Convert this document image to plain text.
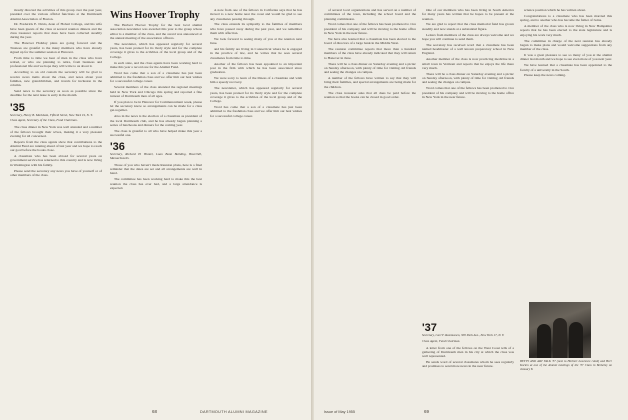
mostly directed the activities of this group over the past year, presided over the various official functions at the Dartmouth Alumni Association of Boston.

Dr. Frederick E. Davis, dean of Hobart College, and his wife have been guests of the class at several reunion dinners and the class treasurer reports that dues have been collected steadily during the year.

The Hanover Holiday plans are going forward and the Trustees are grateful to the many members who have already signed up for the summer session at Hanover.

From time to time we hear of men in the class who have retired, or who are planning to retire, from business and professional life and we hope they will write to us about it.

According to an old custom the secretary will be glad to receive news items about the class, and notes about your families, new grandchildren, and travels for inclusion in the column.

Send news to the secretary as soon as possible since the deadline for the next issue is early in the month.

'35
Secretary, Henry B. Markham, Fiftieth Street, New York 19, N. Y.
Class Agent, Secretary of the Class, Fund Chairman.

The class dinner in New York was well attended and a number of the fellows brought their wives, making it a very pleasant evening for all concerned.

Reports from the class agents show that contributions to the Alumni Fund are running ahead of last year and we hope to reach our goal before the books close.

A classmate who has been abroad for several years on government service has returned to this country and is now living in Washington with his family.

Please send the secretary any news you have of yourself or of other members of the class.

Wins Hoover Trophy

The Herbert Hoover Trophy for the best local alumni association newsletter was awarded this year to the group whose editor is a member of the class, and the award was announced at the annual meeting of the association officers.

The newsletter, which has appeared regularly for several years, has been praised for its lively style and for the complete coverage it gives to the activities of the local group and of the College.

in each state, and the class agents have been working hard to make this year a record one for the Alumni Fund.

Word has come that a son of a classmate has just been admitted to the freshman class and we offer him our best wishes for a successful college career.

Several members of the class attended the regional meetings held in New York and Chicago this spring and reported a fine turnout of Dartmouth men of all ages.

If you plan to be in Hanover for Commencement week, please let the secretary know so arrangements can be made for a class get-together.

Also in the news is the election of a classmate as president of the local Dartmouth club, and he has already begun planning a series of luncheons and dinners for the coming year.

The class is grateful to all who have helped make this year a successful one.

'36
Secretary, Richard H. Hunter, Loan Bank Building, Haverhill, Massachusetts.

Those of you who haven't made Reunion plans, here is a final reminder that the dates are set and all arrangements are well in hand.

The committee has been working hard to make this the best reunion the class has ever had, and a large attendance is expected.

A note from one of the fellows in California says that he has moved to a new home near the coast and would be glad to see any classmates passing through.

The class extends its sympathy to the families of members who have passed away during the past year, and we remember them with affection.

We look forward to seeing many of you at the reunion next June.

and his family are living in Connecticut where he is engaged in the practice of law, and he writes that he sees several classmates from time to time.

Another of the fellows has been appointed to an important post in the firm with which he has been associated since graduation.

We were sorry to learn of the illness of a classmate and wish him a speedy recovery.

The newsletter, which has appeared regularly for several years, has been praised for its lively style and for the complete coverage it gives to the activities of the local group and of the College.

Word has come that a son of a classmate has just been admitted to the freshman class and we offer him our best wishes for a successful college career.

68	DARTMOUTH ALUMNI MAGAZINE

of several local organizations and has served on a number of committees of the town, including the school board and the planning commission.

Word comes that one of the fellows has been promoted to vice president of his company and will be moving to the home office in New York in the near future.

We have also learned that a classmate has been elected to the board of directors of a large bank in the Middle West.

The reunion committee reports that more than a hundred members of the class have already indicated that they will return to Hanover in June.

There will be a class dinner on Saturday evening and a picnic on Sunday afternoon, with plenty of time for visiting old friends and seeing the changes on campus.

A number of the fellows have written to say that they will bring their families, and special arrangements are being made for the children.

The class treasurer asks that all dues be paid before the reunion so that the books can be closed in good order.

One of our members who has been living in South America for many years has written that he hopes to be present at the reunion.

We are glad to report that the class memorial fund has grown steadily and now stands at a substantial figure.

Letters from members of the class are always welcome and we hope you will continue to send them.

The secretary has received word that a classmate has been named headmaster of a well known preparatory school in New England.

Another member of the class is now practicing medicine in a small town in Vermont and reports that he enjoys the life there very much.

There will be a class dinner on Saturday evening and a picnic on Sunday afternoon, with plenty of time for visiting old friends and seeing the changes on campus.

Word comes that one of the fellows has been promoted to vice president of his company and will be moving to the home office in New York in the near future.

science position which he has written about.

Congratulations to a classmate who has been married this spring, and to another who has become the father of twins.

A member of the class who is now living in New Hampshire reports that he has been elected to the state legislature and is enjoying his work very much.

The committee in charge of the next reunion has already begun to make plans and would welcome suggestions from any member of the class.

It was a great pleasure to see so many of you at the alumni dinner last month and we hope to see even more of you next year.

We have learned that a classmate has been appointed to the faculty of a university in the South.

Please keep the news coming.

'37
Secretary, Carl F. Rasmussen, 300 Park Ave., New York 17, N. Y.
Class Agent, Fund Chairman.

A letter from one of the fellows on the West Coast tells of a gathering of Dartmouth men in his city at which the class was well represented.

He sends word of several classmates whom he sees regularly and promises to send more news in the near future.

BETTY AND ART FALK '37 (next to Herbert Lawrence ruled) and Herr Kurten at one of the Alumni meetings of the '37 Class in Berkeley on January 8.
Issue of May 1955	69
